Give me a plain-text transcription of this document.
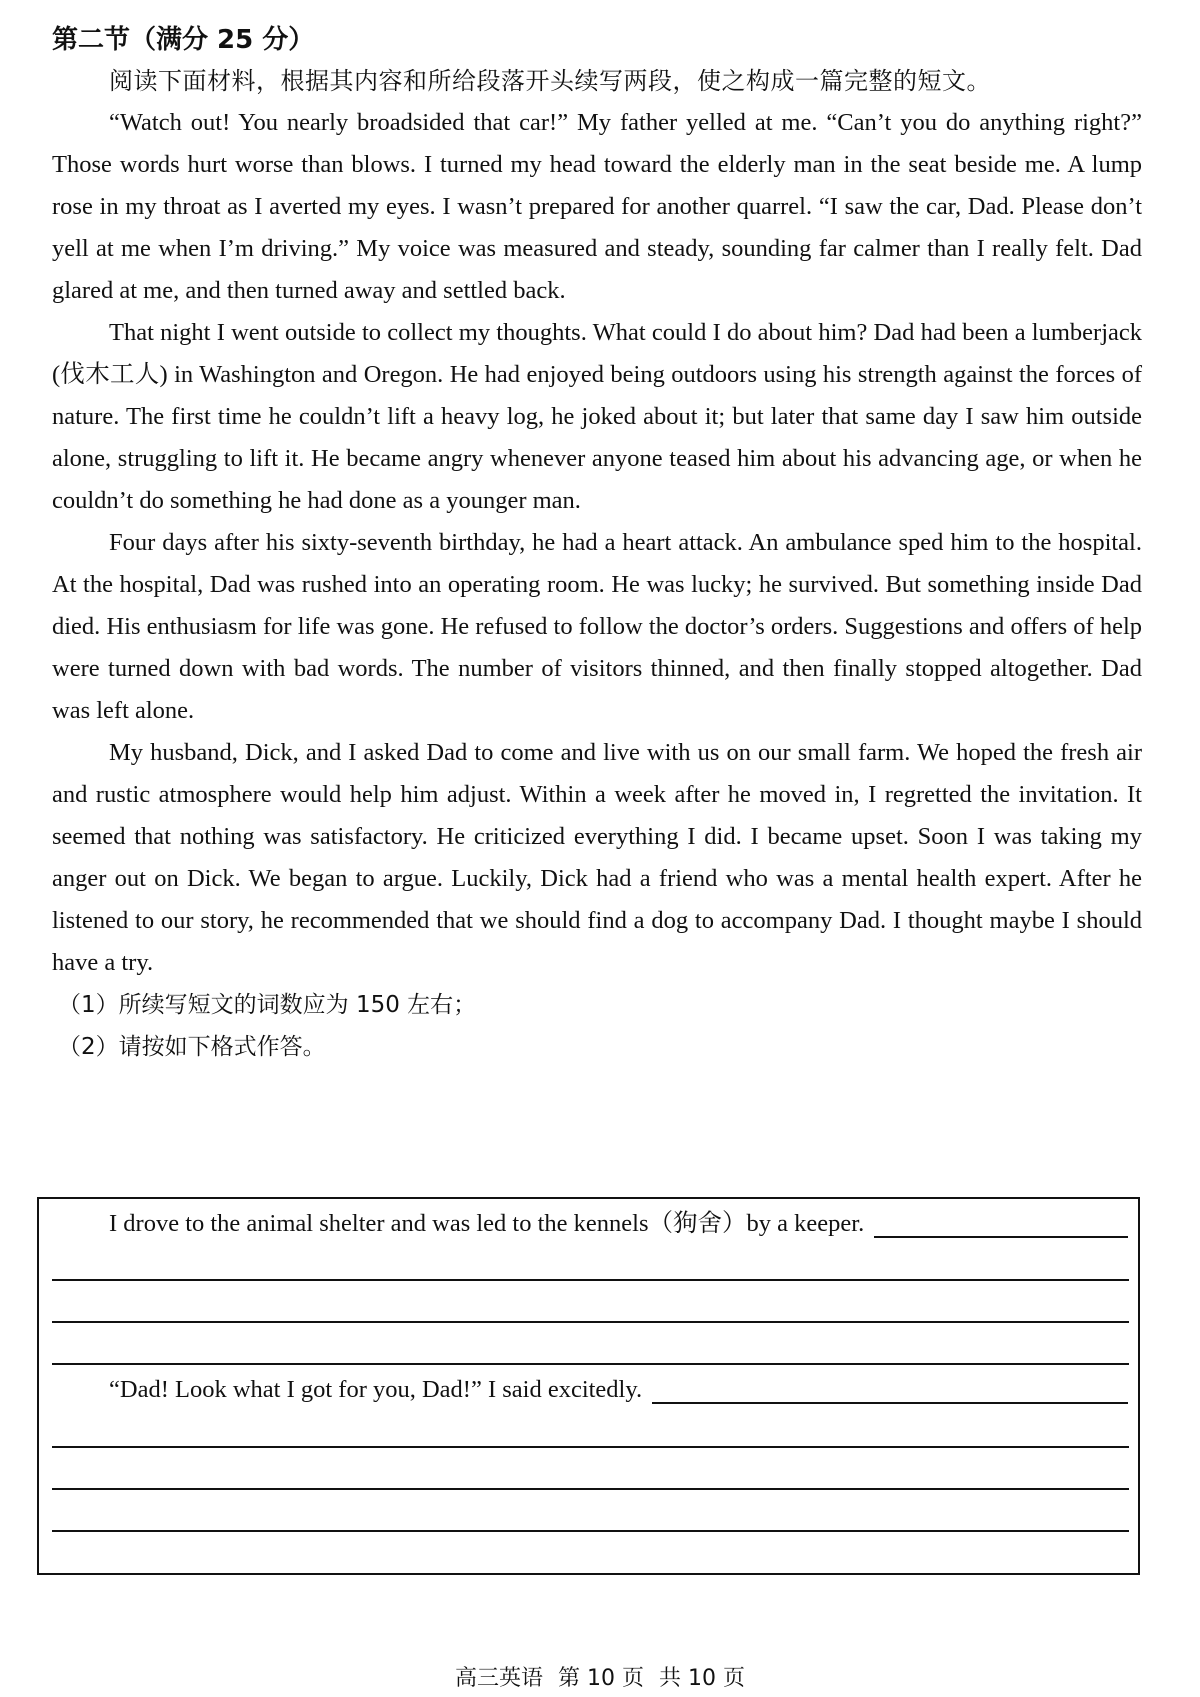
第二节（满分 25 分）

阅读下面材料，根据其内容和所给段落开头续写两段，使之构成一篇完整的短文。

“Watch out! You nearly broadsided that car!” My father yelled at me. “Can’t you do anything right?” Those words hurt worse than blows. I turned my head toward the elderly man in the seat beside me. A lump rose in my throat as I averted my eyes. I wasn’t prepared for another quarrel. “I saw the car, Dad. Please don’t yell at me when I’m driving.” My voice was measured and steady, sounding far calmer than I really felt. Dad glared at me, and then turned away and settled back.

That night I went outside to collect my thoughts. What could I do about him? Dad had been a lumberjack (伐木工人) in Washington and Oregon. He had enjoyed being outdoors using his strength against the forces of nature. The first time he couldn’t lift a heavy log, he joked about it; but later that same day I saw him outside alone, struggling to lift it. He became angry whenever anyone teased him about his advancing age, or when he couldn’t do something he had done as a younger man.

Four days after his sixty-seventh birthday, he had a heart attack. An ambulance sped him to the hospital. At the hospital, Dad was rushed into an operating room. He was lucky; he survived. But something inside Dad died. His enthusiasm for life was gone. He refused to follow the doctor’s orders. Suggestions and offers of help were turned down with bad words. The number of visitors thinned, and then finally stopped altogether. Dad was left alone.

My husband, Dick, and I asked Dad to come and live with us on our small farm. We hoped the fresh air and rustic atmosphere would help him adjust. Within a week after he moved in, I regretted the invitation. It seemed that nothing was satisfactory. He criticized everything I did. I became upset. Soon I was taking my anger out on Dick. We began to argue. Luckily, Dick had a friend who was a mental health expert. After he listened to our story, he recommended that we should find a dog to accompany Dad. I thought maybe I should have a try.

（1）所续写短文的词数应为 150 左右；
（2）请按如下格式作答。
I drove to the animal shelter and was led to the kennels（狗舍）by a keeper.
“Dad! Look what I got for you, Dad!” I said excitedly.
高三英语 第 10 页 共 10 页
